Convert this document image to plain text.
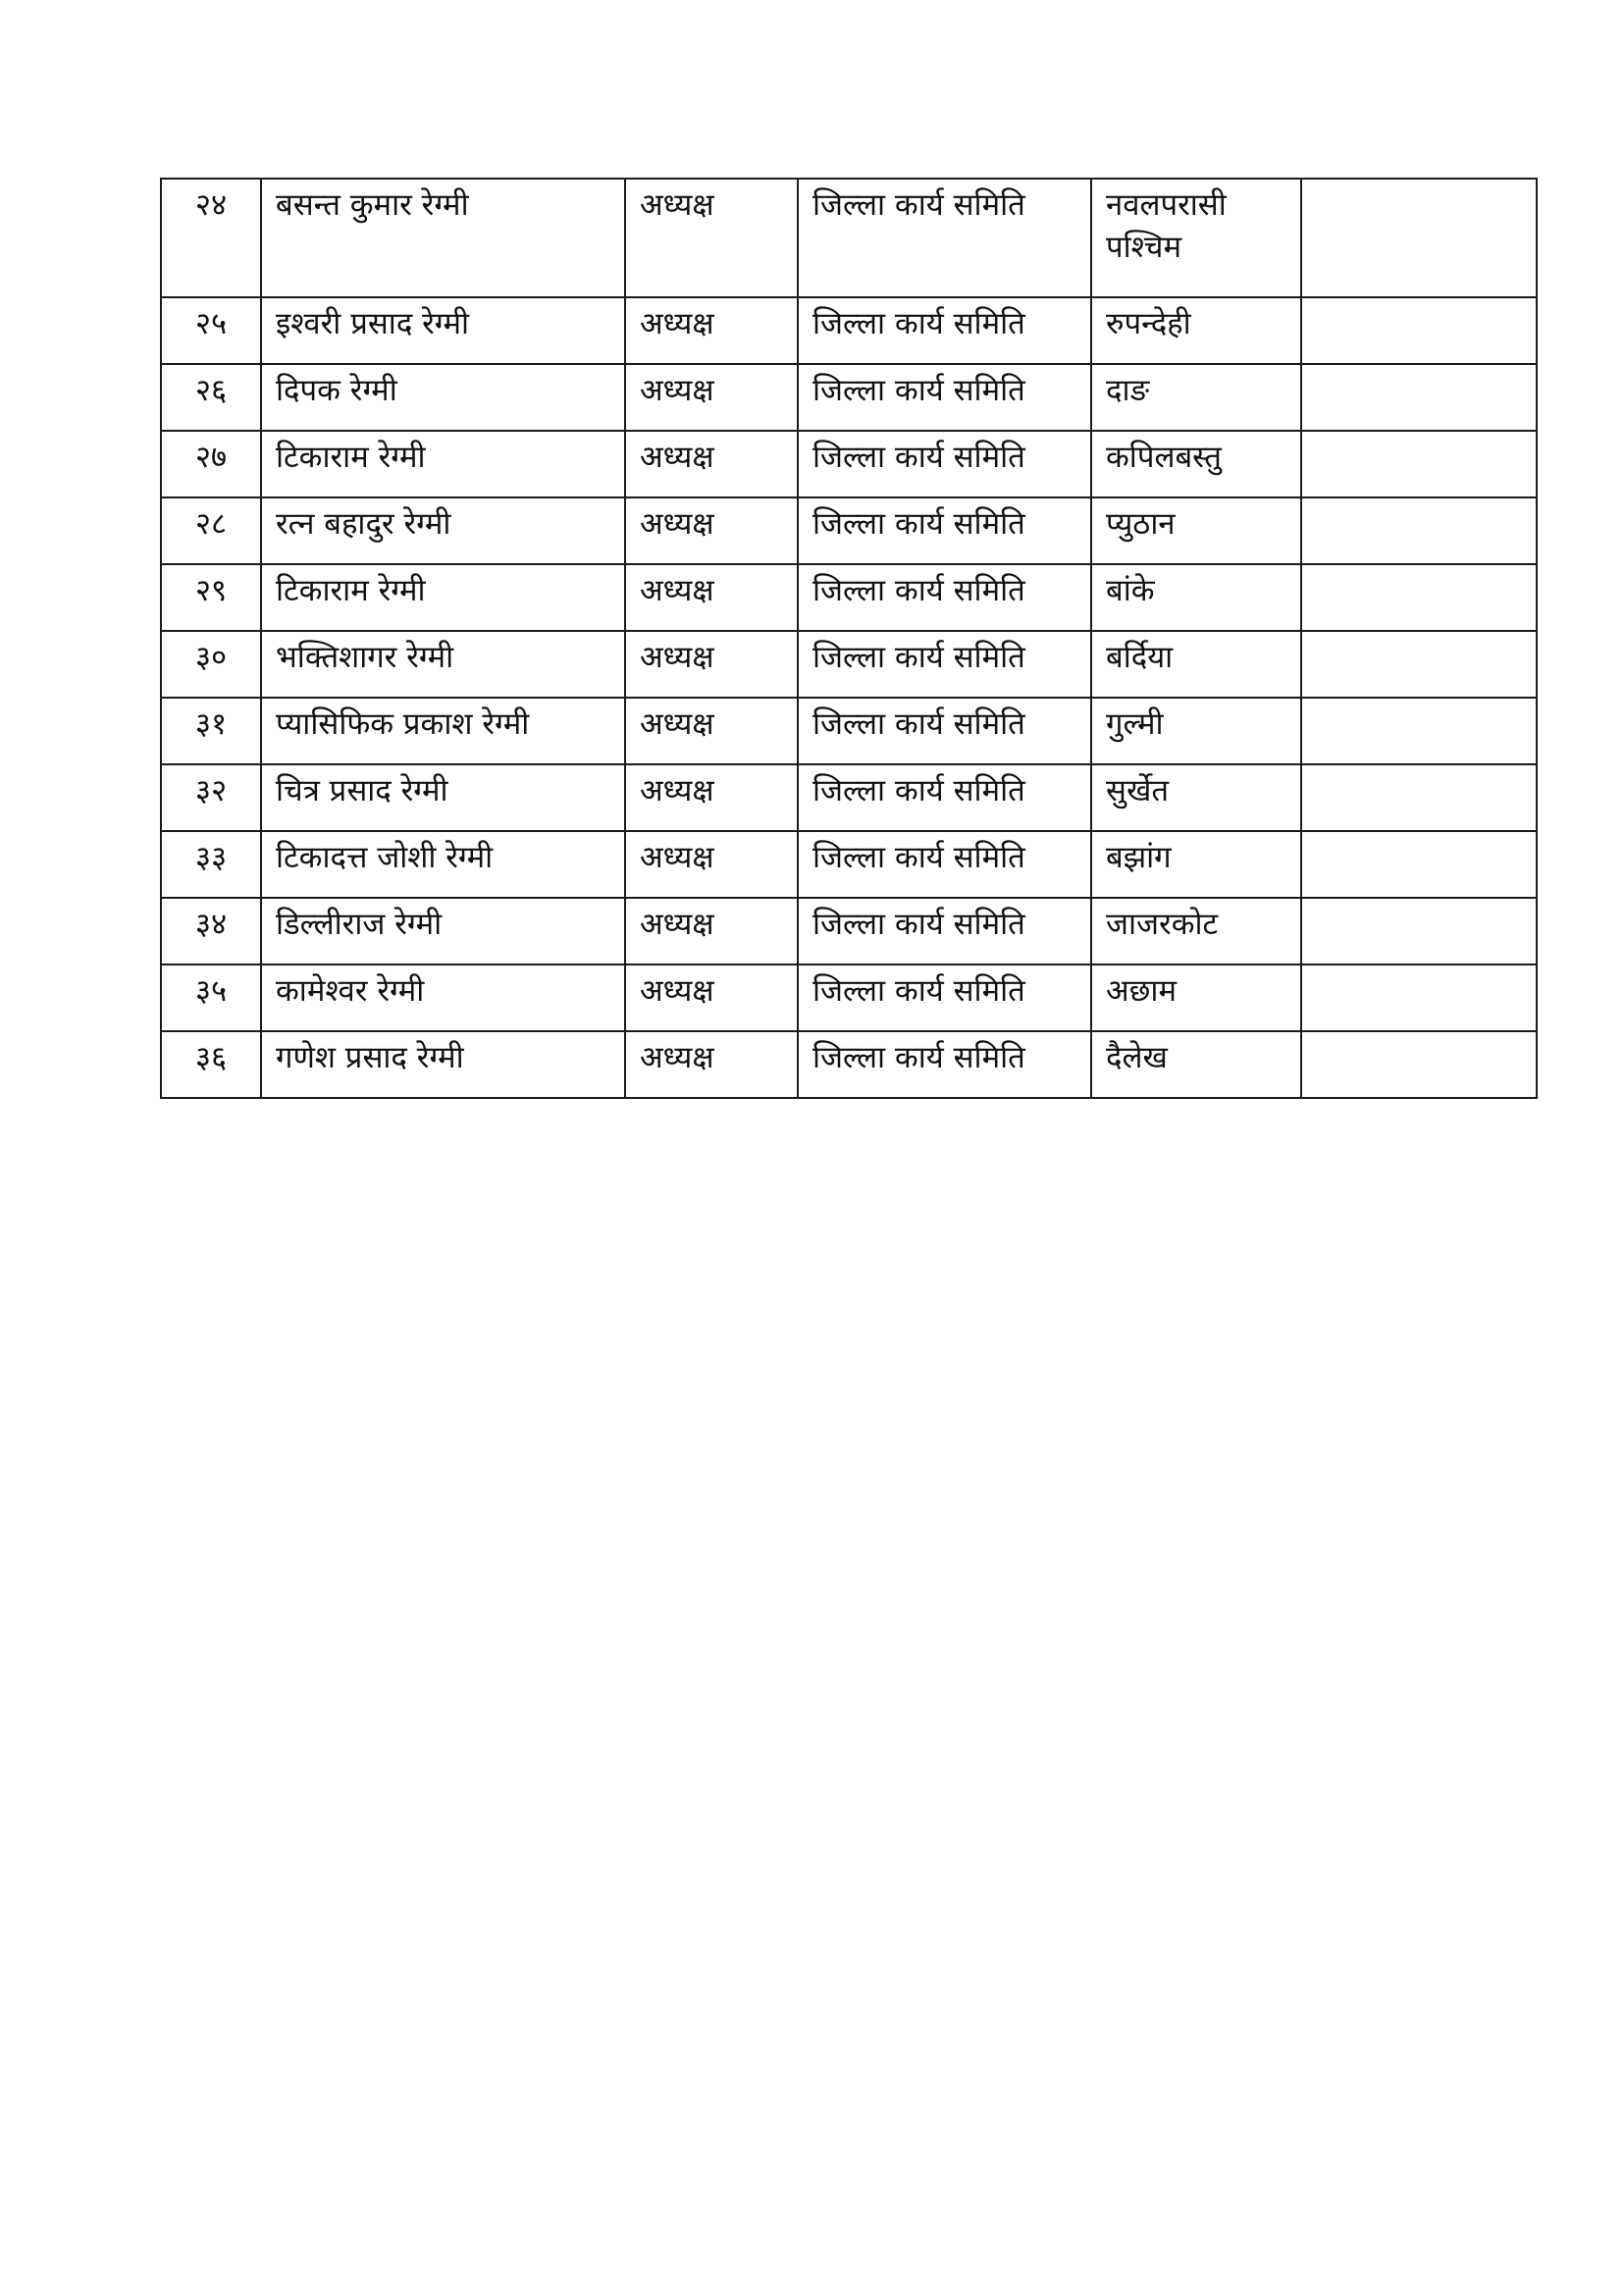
२४	बसन्त कुमार रेग्मी	अध्यक्ष	जिल्ला कार्य समिति	नवलपरासी पश्चिम	
२५	इश्वरी प्रसाद रेग्मी	अध्यक्ष	जिल्ला कार्य समिति	रुपन्देही	
२६	दिपक रेग्मी	अध्यक्ष	जिल्ला कार्य समिति	दाङ	
२७	टिकाराम रेग्मी	अध्यक्ष	जिल्ला कार्य समिति	कपिलबस्तु	
२८	रत्न बहादुर रेग्मी	अध्यक्ष	जिल्ला कार्य समिति	प्युठान	
२९	टिकाराम रेग्मी	अध्यक्ष	जिल्ला कार्य समिति	बांके	
३०	भक्तिशागर रेग्मी	अध्यक्ष	जिल्ला कार्य समिति	बर्दिया	
३१	प्यासिफिक प्रकाश रेग्मी	अध्यक्ष	जिल्ला कार्य समिति	गुल्मी	
३२	चित्र प्रसाद रेग्मी	अध्यक्ष	जिल्ला कार्य समिति	सुर्खेत	
३३	टिकादत्त जोशी रेग्मी	अध्यक्ष	जिल्ला कार्य समिति	बझांग	
३४	डिल्लीराज रेग्मी	अध्यक्ष	जिल्ला कार्य समिति	जाजरकोट	
३५	कामेश्वर रेग्मी	अध्यक्ष	जिल्ला कार्य समिति	अछाम	
३६	गणेश प्रसाद रेग्मी	अध्यक्ष	जिल्ला कार्य समिति	दैलेख	
